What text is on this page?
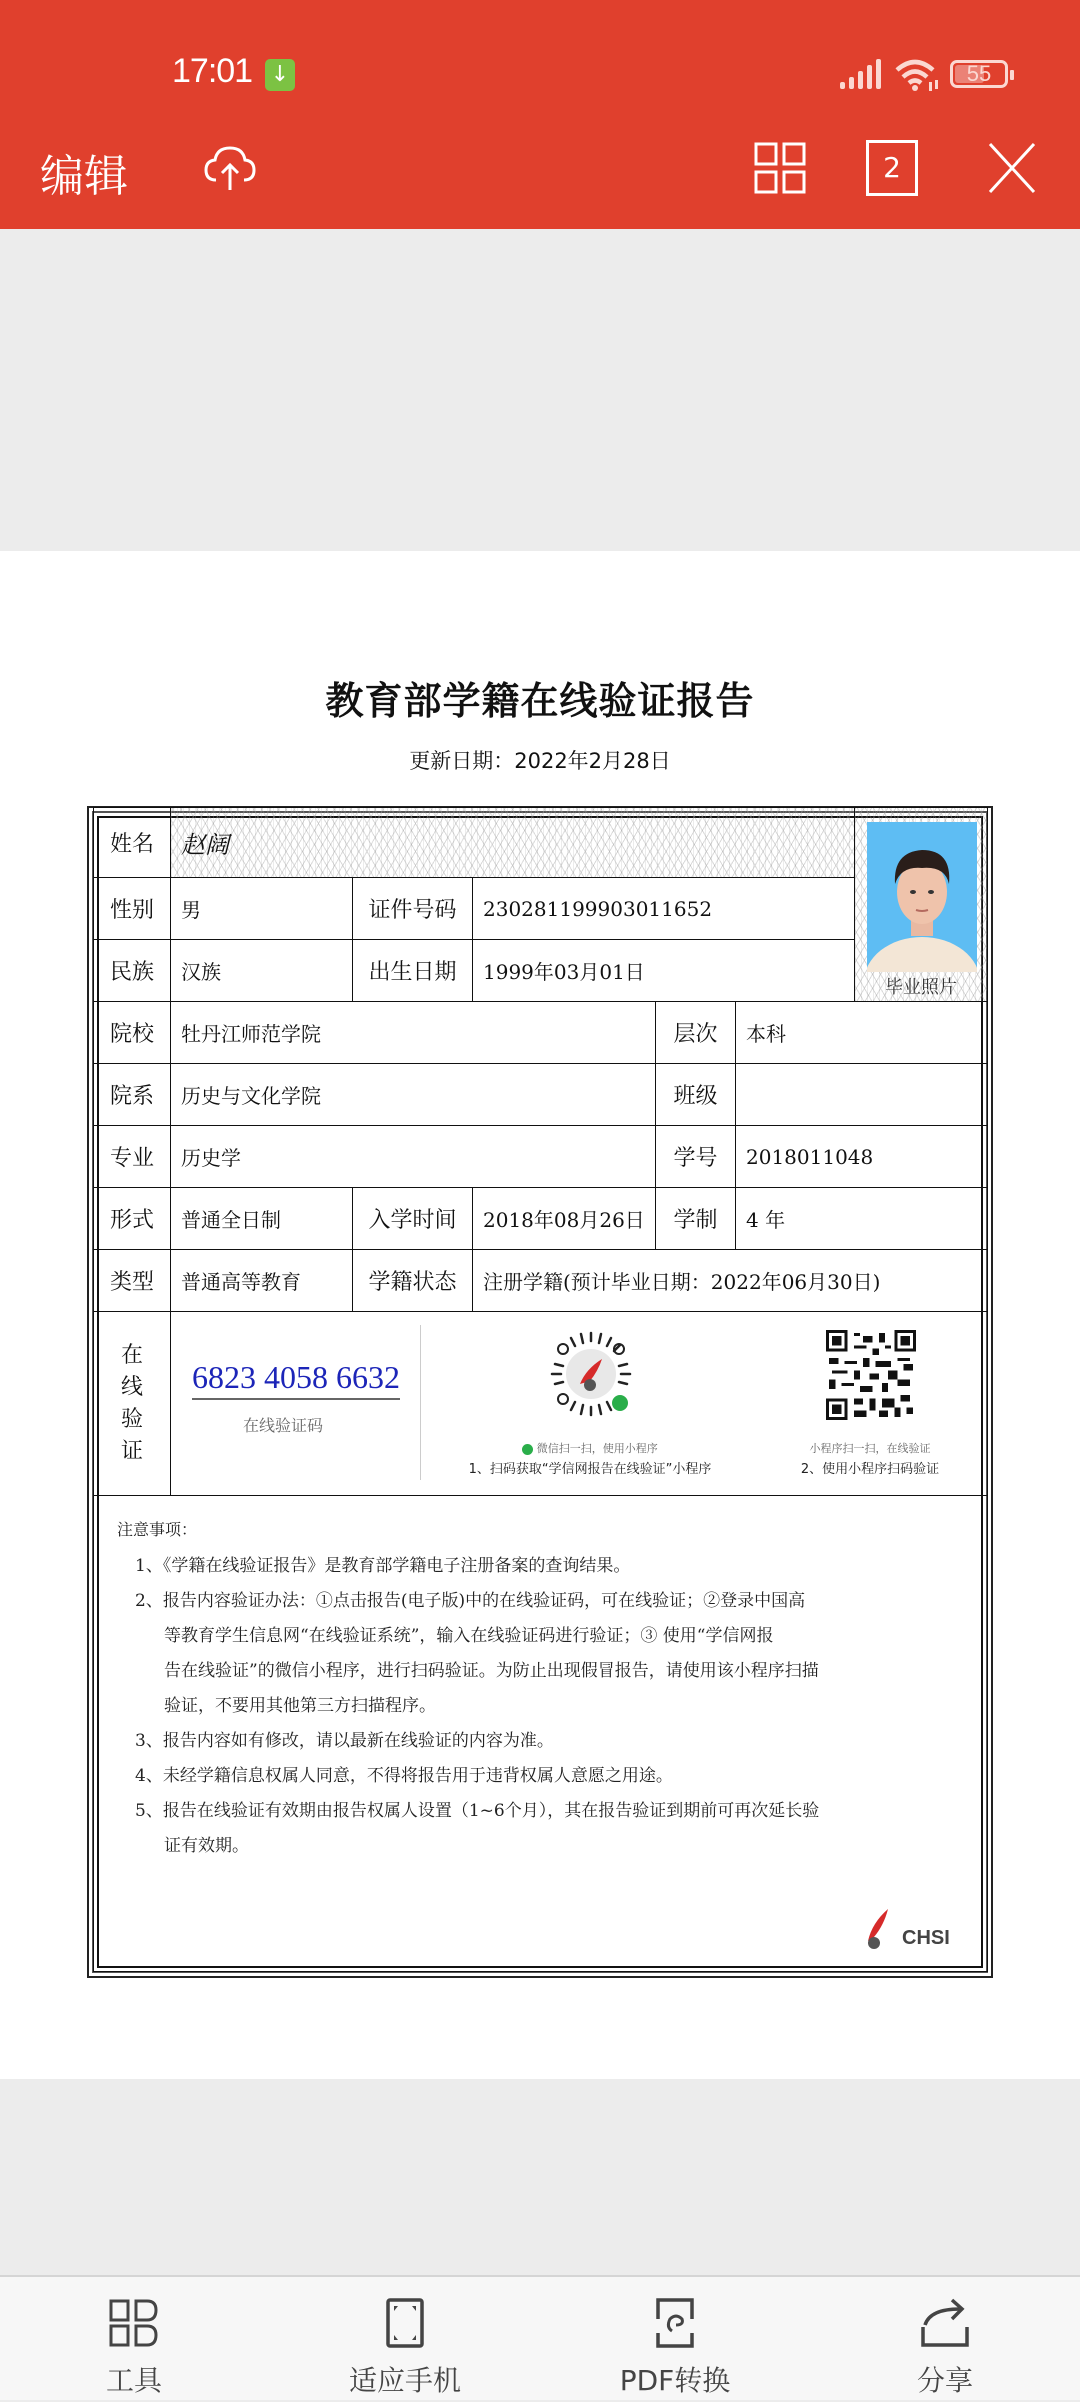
17:01 ↓	55
编辑	2
教育部学籍在线验证报告
更新日期：2022年2月28日
姓名	赵阔
性别	男	证件号码	230281199903011652
民族	汉族	出生日期	1999年03月01日
毕业照片
院校	牡丹江师范学院	层次	本科
院系	历史与文化学院	班级
专业	历史学	学号	2018011048
形式	普通全日制	入学时间	2018年08月26日	学制	4 年
类型	普通高等教育	学籍状态	注册学籍(预计毕业日期：2022年06月30日)
在
线
验
证
6823 4058 6632
在线验证码
微信扫一扫，使用小程序
1、扫码获取“学信网报告在线验证”小程序
小程序扫一扫，在线验证
2、使用小程序扫码验证
注意事项：
1、《学籍在线验证报告》是教育部学籍电子注册备案的查询结果。
2、报告内容验证办法：①点击报告(电子版)中的在线验证码，可在线验证；②登录中国高
等教育学生信息网“在线验证系统”，输入在线验证码进行验证；③ 使用“学信网报
告在线验证”的微信小程序，进行扫码验证。为防止出现假冒报告，请使用该小程序扫描
验证，不要用其他第三方扫描程序。
3、报告内容如有修改，请以最新在线验证的内容为准。
4、未经学籍信息权属人同意，不得将报告用于违背权属人意愿之用途。
5、报告在线验证有效期由报告权属人设置（1~6个月），其在报告验证到期前可再次延长验
证有效期。
CHSI
工具	适应手机	PDF转换	分享
